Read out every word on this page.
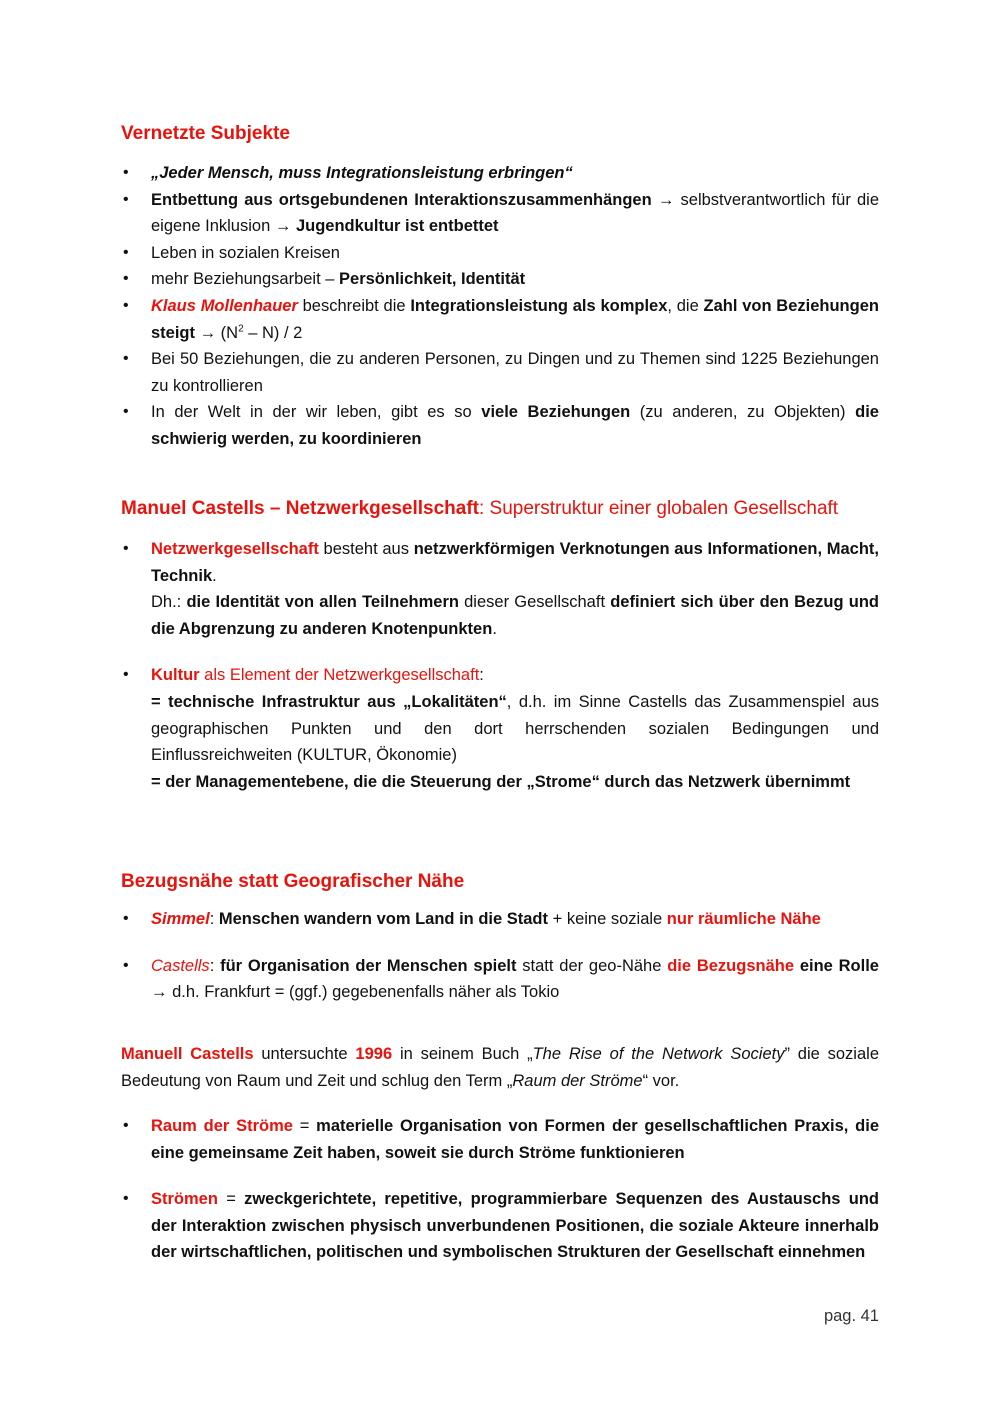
Vernetzte Subjekte
• „Jeder Mensch, muss Integrationsleistung erbringen“
• Entbettung aus ortsgebundenen Interaktionszusammenhängen → selbstverantwortlich für die eigene Inklusion → Jugendkultur ist entbettet
• Leben in sozialen Kreisen
• mehr Beziehungsarbeit – Persönlichkeit, Identität
• Klaus Mollenhauer beschreibt die Integrationsleistung als komplex, die Zahl von Beziehungen steigt → $(N^2 - N) / 2$
• Bei 50 Beziehungen, die zu anderen Personen, zu Dingen und zu Themen sind 1225 Beziehungen zu kontrollieren
• In der Welt in der wir leben, gibt es so viele Beziehungen (zu anderen, zu Objekten) die schwierig werden, zu koordinieren
Manuel Castells – Netzwerkgesellschaft: Superstruktur einer globalen Gesellschaft
• Netzwerkgesellschaft besteht aus netzwerkförmigen Verknotungen aus Informationen, Macht, Technik.
Dh.: die Identität von allen Teilnehmern dieser Gesellschaft definiert sich über den Bezug und die Abgrenzung zu anderen Knotenpunkten.
• Kultur als Element der Netzwerkgesellschaft:
= technische Infrastruktur aus „Lokalitäten“, d.h. im Sinne Castells das Zusammenspiel aus geographischen Punkten und den dort herrschenden sozialen Bedingungen und Einflussreichweiten (KULTUR, Ökonomie)
= der Managementebene, die die Steuerung der „Strome“ durch das Netzwerk übernimmt
Bezugsnähe statt Geografischer Nähe
• Simmel: Menschen wandern vom Land in die Stadt + keine soziale nur räumliche Nähe
• Castells: für Organisation der Menschen spielt statt der geo-Nähe die Bezugsnähe eine Rolle → d.h. Frankfurt = (ggf.) gegebenenfalls näher als Tokio

Manuell Castells untersuchte 1996 in seinem Buch „The Rise of the Network Society” die soziale Bedeutung von Raum und Zeit und schlug den Term „Raum der Ströme“ vor.

• Raum der Ströme = materielle Organisation von Formen der gesellschaftlichen Praxis, die eine gemeinsame Zeit haben, soweit sie durch Ströme funktionieren
• Strömen = zweckgerichtete, repetitive, programmierbare Sequenzen des Austauschs und der Interaktion zwischen physisch unverbundenen Positionen, die soziale Akteure innerhalb der wirtschaftlichen, politischen und symbolischen Strukturen der Gesellschaft einnehmen
pag. 41
